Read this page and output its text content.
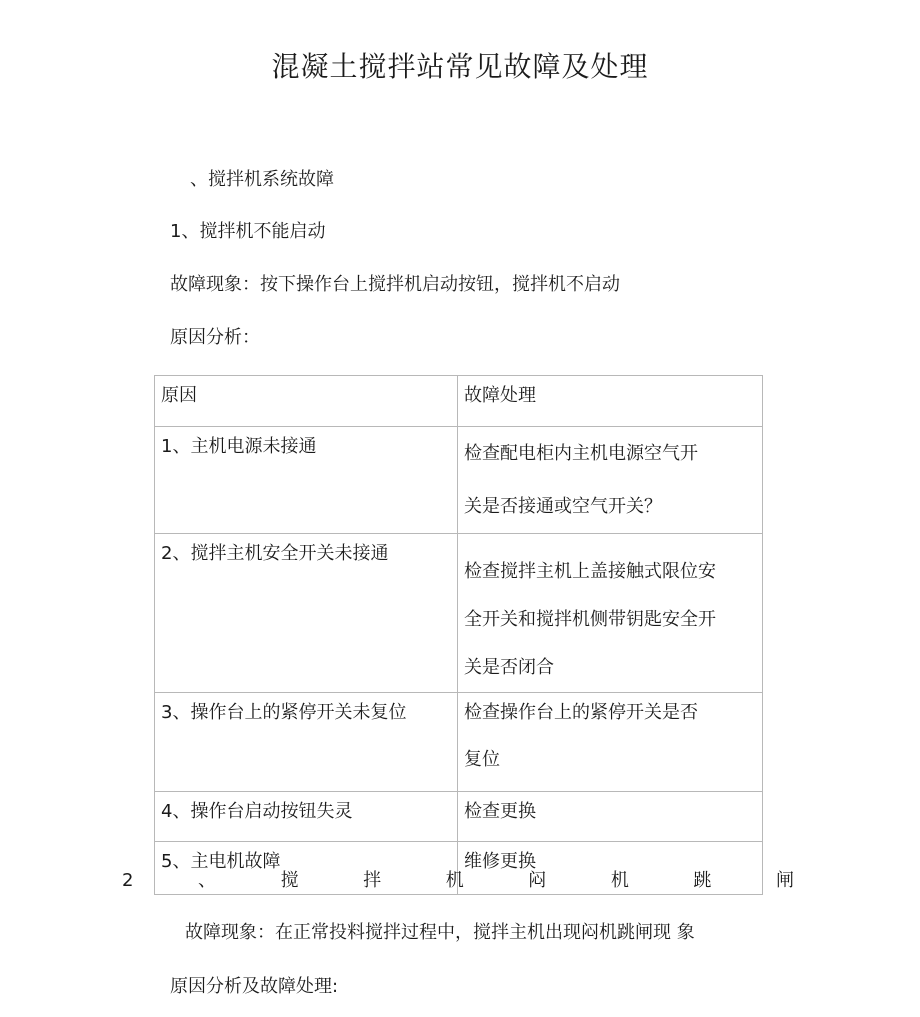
混凝土搅拌站常见故障及处理
、搅拌机系统故障
1、搅拌机不能启动
故障现象：按下操作台上搅拌机启动按钮，搅拌机不启动
原因分析：
原因	故障处理
1、主机电源未接通	检查配电柜内主机电源空气开
关是否接通或空气开关？

2、搅拌主机安全开关未接通	检查搅拌主机上盖接触式限位安
全开关和搅拌机侧带钥匙安全开
关是否闭合

3、操作台上的紧停开关未复位	检查操作台上的紧停开关是否
复位

4、操作台启动按钮失灵	检查更换
5、主电机故障	维修更换
2	、	搅	拌	机	闷	机	跳	闸
故障现象：在正常投料搅拌过程中，搅拌主机出现闷机跳闸现 象
原因分析及故障处理:
